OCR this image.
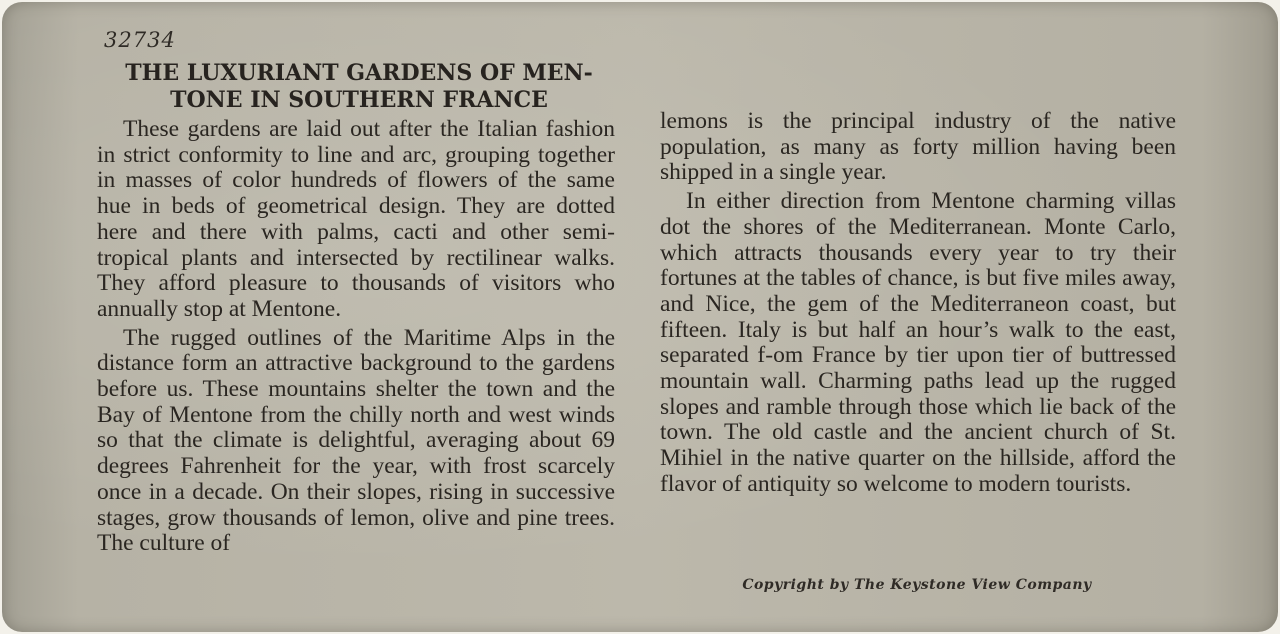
32734
THE LUXURIANT GARDENS OF MEN-
TONE IN SOUTHERN FRANCE

These gardens are laid out after the Italian fashion in strict conformity to line and arc, grouping together in masses of color hundreds of flowers of the same hue in beds of geometrical design. They are dotted here and there with palms, cacti and other semi-tropical plants and intersected by rectilinear walks. They afford pleasure to thousands of visitors who annually stop at Mentone.

The rugged outlines of the Maritime Alps in the distance form an attractive background to the gardens before us. These mountains shelter the town and the Bay of Mentone from the chilly north and west winds so that the climate is delightful, averaging about 69 degrees Fahrenheit for the year, with frost scarcely once in a decade. On their slopes, rising in successive stages, grow thousands of lemon, olive and pine trees. The culture of

lemons is the principal industry of the native population, as many as forty million having been shipped in a single year.

In either direction from Mentone charming villas dot the shores of the Mediterranean. Monte Carlo, which attracts thousands every year to try their fortunes at the tables of chance, is but five miles away, and Nice, the gem of the Mediterraneon coast, but fifteen. Italy is but half an hour’s walk to the east, separated f‑om France by tier upon tier of buttressed mountain wall. Charming paths lead up the rugged slopes and ramble through those which lie back of the town. The old castle and the ancient church of St. Mihiel in the native quarter on the hillside, afford the flavor of antiquity so welcome to modern tourists.

Copyright by The Keystone View Company
